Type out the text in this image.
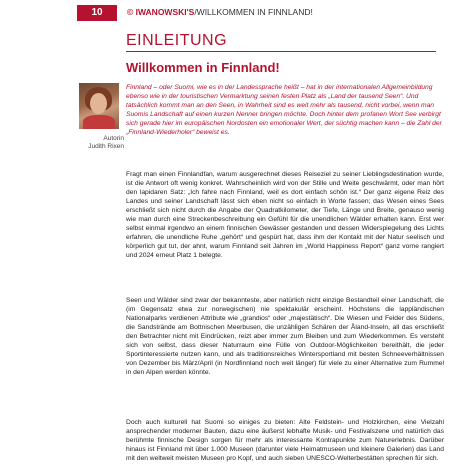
10	© IWANOWSKI'S/WILLKOMMEN IN FINNLAND!
EINLEITUNG
Willkommen in Finnland!
Autorin
Judith Rixen

Finnland – oder Suomi, wie es in der Landessprache heißt – hat in der internationalen Allgemeinbildung ebenso wie in der touristischen Vermarktung seinen festen Platz als „Land der tausend Seen“. Und tatsächlich kommt man an den Seen, in Wahrheit sind es weit mehr als tausend, nicht vorbei, wenn man Suomis Landschaft auf einen kurzen Nenner bringen möchte. Doch hinter dem profanen Wort See verbirgt sich gerade hier im europäischen Nordosten ein emotionaler Wert, der süchtig machen kann – die Zahl der „Finnland-Wiederholer“ beweist es.

Fragt man einen Finnlandfan, warum ausgerechnet dieses Reiseziel zu seiner Lieblingsdestination wurde, ist die Antwort oft wenig konkret. Wahrscheinlich wird von der Stille und Weite geschwärmt, oder man hört den lapidaren Satz: „Ich fahre nach Finnland, weil es dort einfach schön ist.“ Der ganz eigene Reiz des Landes und seiner Landschaft lässt sich eben nicht so einfach in Worte fassen; das Wesen eines Sees erschließt sich nicht durch die Angabe der Quadratkilometer, der Tiefe, Länge und Breite, genauso wenig wie man durch eine Streckenbeschreibung ein Gefühl für die unendlichen Wälder erhalten kann. Erst wer selbst einmal irgendwo an einem finnischen Gewässer gestanden und dessen Widerspiegelung des Lichts erfahren, die unendliche Ruhe „gehört“ und gespürt hat, dass ihm der Kontakt mit der Natur seelisch und körperlich gut tut, der ahnt, warum Finnland seit Jahren im „World Happiness Report“ ganz vorne rangiert und 2024 erneut Platz 1 belegte.

Seen und Wälder sind zwar der bekannteste, aber natürlich nicht einzige Bestandteil einer Landschaft, die (im Gegensatz etwa zur norwegischen) nie spektakulär erscheint. Höchstens die lappländischen Nationalparks verdienen Attribute wie „grandios“ oder „majestätisch“. Die Wiesen und Felder des Südens, die Sandstrände am Bottnischen Meerbusen, die unzähligen Schären der Åland-Inseln, all das erschließt den Betrachter nicht mit Eindrücken, reizt aber immer zum Bleiben und zum Wiederkommen. Es versteht sich von selbst, dass dieser Naturraum eine Fülle von Outdoor-Möglichkeiten bereithält, die jeder Sportinteressierte nutzen kann, und als traditionsreiches Wintersportland mit besten Schneeverhältnissen von Dezember bis März/April (in Nordfinnland noch weit länger) für viele zu einer Alternative zum Rummel in den Alpen werden könnte.

Doch auch kulturell hat Suomi so einiges zu bieten: Alte Feldstein- und Holzkirchen, eine Vielzahl ansprechender moderner Bauten, dazu eine äußerst lebhafte Musik- und Festivalszene und natürlich das berühmte finnische Design sorgen für mehr als interessante Kontrapunkte zum Naturerlebnis. Darüber hinaus ist Finnland mit über 1.000 Museen (darunter viele Heimatmuseen und kleinere Galerien) das Land mit den weltweit meisten Museen pro Kopf, und auch sieben UNESCO-Welterbestätten sprechen für sich.
